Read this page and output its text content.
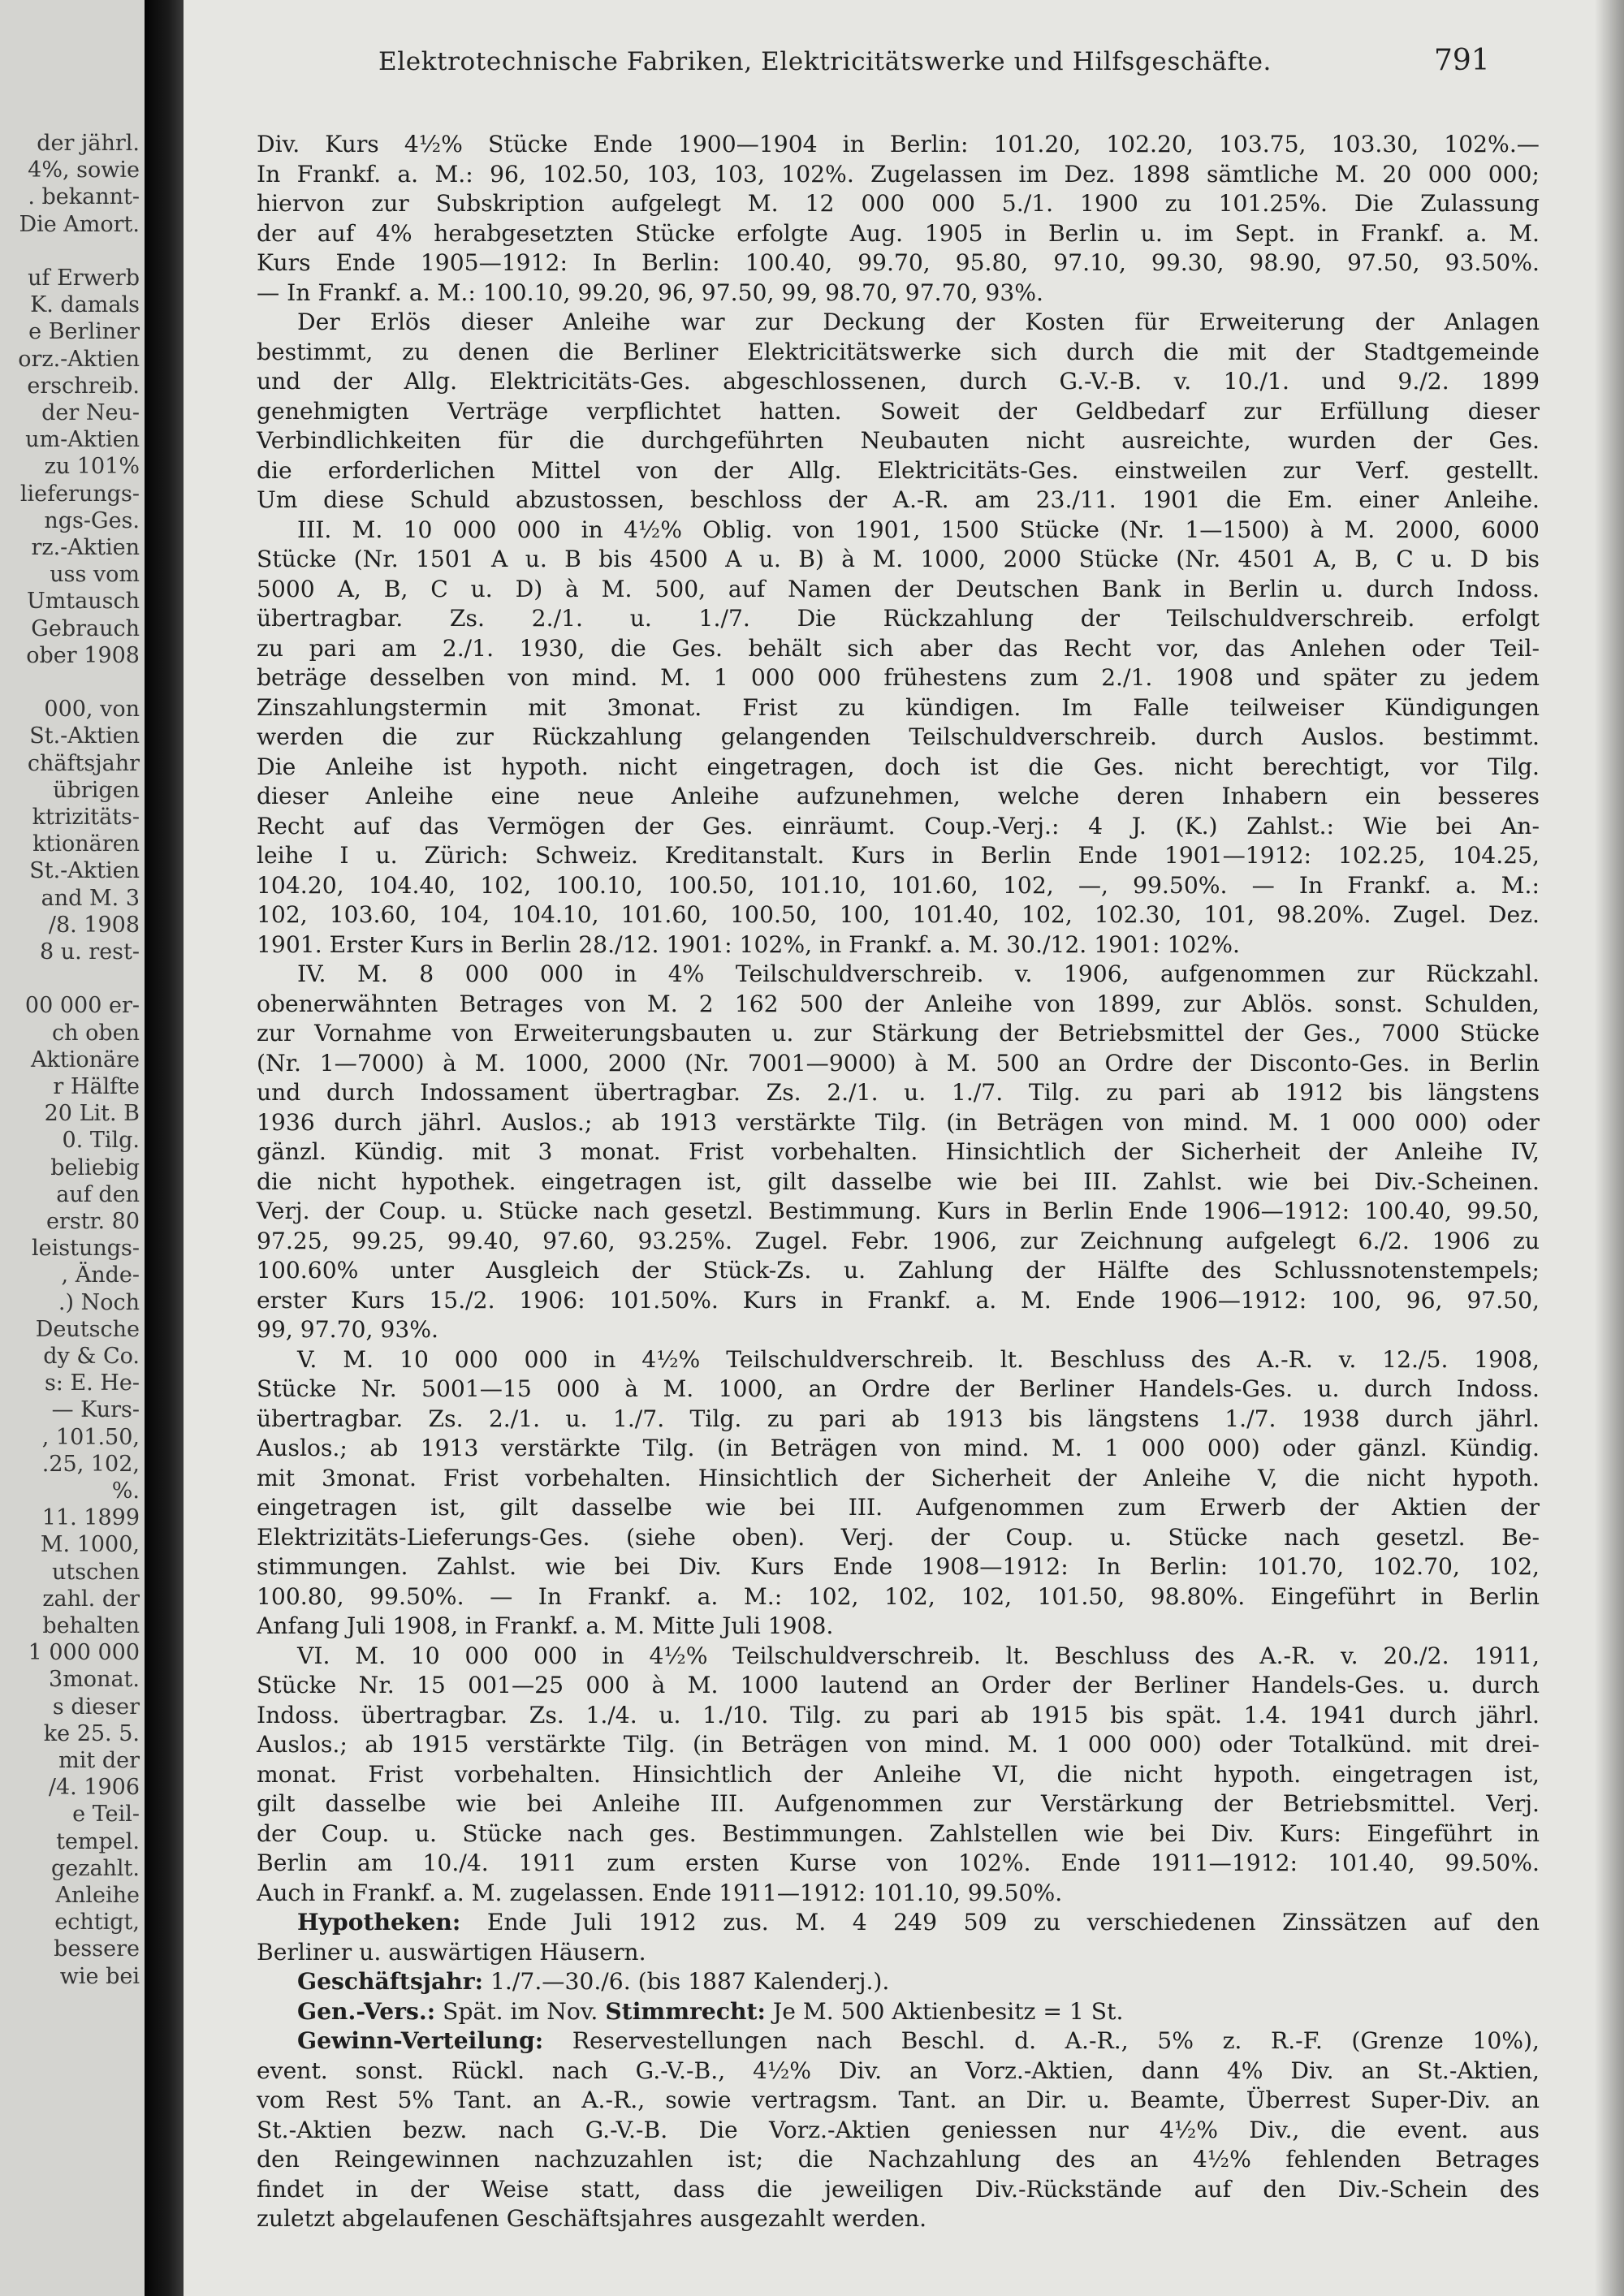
der jährl.
4%, sowie
. bekannt-
Die Amort.
uf Erwerb
K. damals
e Berliner
orz.-Aktien
erschreib.
der Neu-
um-Aktien
zu 101%
lieferungs-
ngs-Ges.
rz.-Aktien
uss vom
Umtausch
Gebrauch
ober 1908
000, von
St.-Aktien
chäftsjahr
übrigen
ktrizitäts-
ktionären
St.-Aktien
and M. 3
/8. 1908
8 u. rest-
00 000 er-
ch oben
Aktionäre
r Hälfte
20 Lit. B
0. Tilg.
beliebig
auf den
erstr. 80
leistungs-
, Ände-
.) Noch
Deutsche
dy & Co.
s: E. He-
— Kurs-
, 101.50,
.25, 102,
%.
11. 1899
M. 1000,
utschen
zahl. der
behalten
1 000 000
3monat.
s dieser
ke 25. 5.
mit der
/4. 1906
e Teil-
tempel.
gezahlt.
Anleihe
echtigt,
bessere
wie bei
Elektrotechnische Fabriken, Elektricitätswerke und Hilfsgeschäfte.	791
Div. Kurs 4½% Stücke Ende 1900—1904 in Berlin: 101.20, 102.20, 103.75, 103.30, 102%.—
In Frankf. a. M.: 96, 102.50, 103, 103, 102%. Zugelassen im Dez. 1898 sämtliche M. 20 000 000;
hiervon zur Subskription aufgelegt M. 12 000 000 5./1. 1900 zu 101.25%. Die Zulassung
der auf 4% herabgesetzten Stücke erfolgte Aug. 1905 in Berlin u. im Sept. in Frankf. a. M.
Kurs Ende 1905—1912: In Berlin: 100.40, 99.70, 95.80, 97.10, 99.30, 98.90, 97.50, 93.50%.
— In Frankf. a. M.: 100.10, 99.20, 96, 97.50, 99, 98.70, 97.70, 93%.
Der Erlös dieser Anleihe war zur Deckung der Kosten für Erweiterung der Anlagen
bestimmt, zu denen die Berliner Elektricitätswerke sich durch die mit der Stadtgemeinde
und der Allg. Elektricitäts-Ges. abgeschlossenen, durch G.-V.-B. v. 10./1. und 9./2. 1899
genehmigten Verträge verpflichtet hatten. Soweit der Geldbedarf zur Erfüllung dieser
Verbindlichkeiten für die durchgeführten Neubauten nicht ausreichte, wurden der Ges.
die erforderlichen Mittel von der Allg. Elektricitäts-Ges. einstweilen zur Verf. gestellt.
Um diese Schuld abzustossen, beschloss der A.-R. am 23./11. 1901 die Em. einer Anleihe.
III. M. 10 000 000 in 4½% Oblig. von 1901, 1500 Stücke (Nr. 1—1500) à M. 2000, 6000
Stücke (Nr. 1501 A u. B bis 4500 A u. B) à M. 1000, 2000 Stücke (Nr. 4501 A, B, C u. D bis
5000 A, B, C u. D) à M. 500, auf Namen der Deutschen Bank in Berlin u. durch Indoss.
übertragbar. Zs. 2./1. u. 1./7. Die Rückzahlung der Teilschuldverschreib. erfolgt
zu pari am 2./1. 1930, die Ges. behält sich aber das Recht vor, das Anlehen oder Teil-
beträge desselben von mind. M. 1 000 000 frühestens zum 2./1. 1908 und später zu jedem
Zinszahlungstermin mit 3monat. Frist zu kündigen. Im Falle teilweiser Kündigungen
werden die zur Rückzahlung gelangenden Teilschuldverschreib. durch Auslos. bestimmt.
Die Anleihe ist hypoth. nicht eingetragen, doch ist die Ges. nicht berechtigt, vor Tilg.
dieser Anleihe eine neue Anleihe aufzunehmen, welche deren Inhabern ein besseres
Recht auf das Vermögen der Ges. einräumt. Coup.-Verj.: 4 J. (K.) Zahlst.: Wie bei An-
leihe I u. Zürich: Schweiz. Kreditanstalt. Kurs in Berlin Ende 1901—1912: 102.25, 104.25,
104.20, 104.40, 102, 100.10, 100.50, 101.10, 101.60, 102, —, 99.50%. — In Frankf. a. M.:
102, 103.60, 104, 104.10, 101.60, 100.50, 100, 101.40, 102, 102.30, 101, 98.20%. Zugel. Dez.
1901. Erster Kurs in Berlin 28./12. 1901: 102%, in Frankf. a. M. 30./12. 1901: 102%.
IV. M. 8 000 000 in 4% Teilschuldverschreib. v. 1906, aufgenommen zur Rückzahl.
obenerwähnten Betrages von M. 2 162 500 der Anleihe von 1899, zur Ablös. sonst. Schulden,
zur Vornahme von Erweiterungsbauten u. zur Stärkung der Betriebsmittel der Ges., 7000 Stücke
(Nr. 1—7000) à M. 1000, 2000 (Nr. 7001—9000) à M. 500 an Ordre der Disconto-Ges. in Berlin
und durch Indossament übertragbar. Zs. 2./1. u. 1./7. Tilg. zu pari ab 1912 bis längstens
1936 durch jährl. Auslos.; ab 1913 verstärkte Tilg. (in Beträgen von mind. M. 1 000 000) oder
gänzl. Kündig. mit 3 monat. Frist vorbehalten. Hinsichtlich der Sicherheit der Anleihe IV,
die nicht hypothek. eingetragen ist, gilt dasselbe wie bei III. Zahlst. wie bei Div.-Scheinen.
Verj. der Coup. u. Stücke nach gesetzl. Bestimmung. Kurs in Berlin Ende 1906—1912: 100.40, 99.50,
97.25, 99.25, 99.40, 97.60, 93.25%. Zugel. Febr. 1906, zur Zeichnung aufgelegt 6./2. 1906 zu
100.60% unter Ausgleich der Stück-Zs. u. Zahlung der Hälfte des Schlussnotenstempels;
erster Kurs 15./2. 1906: 101.50%. Kurs in Frankf. a. M. Ende 1906—1912: 100, 96, 97.50,
99, 97.70, 93%.
V. M. 10 000 000 in 4½% Teilschuldverschreib. lt. Beschluss des A.-R. v. 12./5. 1908,
Stücke Nr. 5001—15 000 à M. 1000, an Ordre der Berliner Handels-Ges. u. durch Indoss.
übertragbar. Zs. 2./1. u. 1./7. Tilg. zu pari ab 1913 bis längstens 1./7. 1938 durch jährl.
Auslos.; ab 1913 verstärkte Tilg. (in Beträgen von mind. M. 1 000 000) oder gänzl. Kündig.
mit 3monat. Frist vorbehalten. Hinsichtlich der Sicherheit der Anleihe V, die nicht hypoth.
eingetragen ist, gilt dasselbe wie bei III. Aufgenommen zum Erwerb der Aktien der
Elektrizitäts-Lieferungs-Ges. (siehe oben). Verj. der Coup. u. Stücke nach gesetzl. Be-
stimmungen. Zahlst. wie bei Div. Kurs Ende 1908—1912: In Berlin: 101.70, 102.70, 102,
100.80, 99.50%. — In Frankf. a. M.: 102, 102, 102, 101.50, 98.80%. Eingeführt in Berlin
Anfang Juli 1908, in Frankf. a. M. Mitte Juli 1908.
VI. M. 10 000 000 in 4½% Teilschuldverschreib. lt. Beschluss des A.-R. v. 20./2. 1911,
Stücke Nr. 15 001—25 000 à M. 1000 lautend an Order der Berliner Handels-Ges. u. durch
Indoss. übertragbar. Zs. 1./4. u. 1./10. Tilg. zu pari ab 1915 bis spät. 1.4. 1941 durch jährl.
Auslos.; ab 1915 verstärkte Tilg. (in Beträgen von mind. M. 1 000 000) oder Totalkünd. mit drei-
monat. Frist vorbehalten. Hinsichtlich der Anleihe VI, die nicht hypoth. eingetragen ist,
gilt dasselbe wie bei Anleihe III. Aufgenommen zur Verstärkung der Betriebsmittel. Verj.
der Coup. u. Stücke nach ges. Bestimmungen. Zahlstellen wie bei Div. Kurs: Eingeführt in
Berlin am 10./4. 1911 zum ersten Kurse von 102%. Ende 1911—1912: 101.40, 99.50%.
Auch in Frankf. a. M. zugelassen. Ende 1911—1912: 101.10, 99.50%.
Hypotheken: Ende Juli 1912 zus. M. 4 249 509 zu verschiedenen Zinssätzen auf den
Berliner u. auswärtigen Häusern.
Geschäftsjahr: 1./7.—30./6. (bis 1887 Kalenderj.).
Gen.-Vers.: Spät. im Nov. Stimmrecht: Je M. 500 Aktienbesitz = 1 St.
Gewinn-Verteilung: Reservestellungen nach Beschl. d. A.-R., 5% z. R.-F. (Grenze 10%),
event. sonst. Rückl. nach G.-V.-B., 4½% Div. an Vorz.-Aktien, dann 4% Div. an St.-Aktien,
vom Rest 5% Tant. an A.-R., sowie vertragsm. Tant. an Dir. u. Beamte, Überrest Super-Div. an
St.-Aktien bezw. nach G.-V.-B. Die Vorz.-Aktien geniessen nur 4½% Div., die event. aus
den Reingewinnen nachzuzahlen ist; die Nachzahlung des an 4½% fehlenden Betrages
findet in der Weise statt, dass die jeweiligen Div.-Rückstände auf den Div.-Schein des
zuletzt abgelaufenen Geschäftsjahres ausgezahlt werden.
